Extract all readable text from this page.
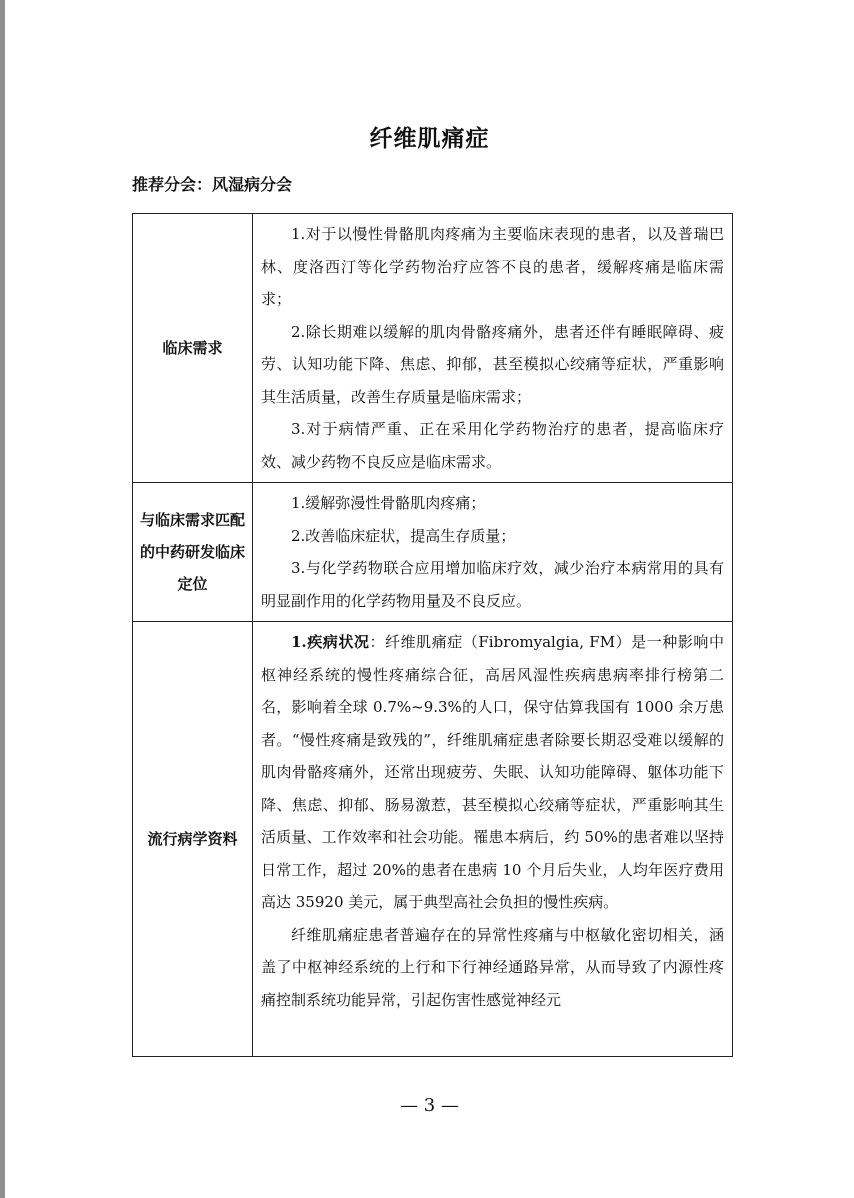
纤维肌痛症
推荐分会：风湿病分会
临床需求	1.对于以慢性骨骼肌肉疼痛为主要临床表现的患者，以及普瑞巴林、度洛西汀等化学药物治疗应答不良的患者，缓解疼痛是临床需求；

2.除长期难以缓解的肌肉骨骼疼痛外，患者还伴有睡眠障碍、疲劳、认知功能下降、焦虑、抑郁，甚至模拟心绞痛等症状，严重影响其生活质量，改善生存质量是临床需求；

3.对于病情严重、正在采用化学药物治疗的患者，提高临床疗效、减少药物不良反应是临床需求。

与临床需求匹配的中药研发临床定位	1.缓解弥漫性骨骼肌肉疼痛；

2.改善临床症状，提高生存质量；

3.与化学药物联合应用增加临床疗效，减少治疗本病常用的具有明显副作用的化学药物用量及不良反应。

流行病学资料	1.疾病状况：纤维肌痛症（Fibromyalgia, FM）是一种影响中枢神经系统的慢性疼痛综合征，高居风湿性疾病患病率排行榜第二名，影响着全球 0.7%~9.3%的人口，保守估算我国有 1000 余万患者。“慢性疼痛是致残的”，纤维肌痛症患者除要长期忍受难以缓解的肌肉骨骼疼痛外，还常出现疲劳、失眠、认知功能障碍、躯体功能下降、焦虑、抑郁、肠易激惹，甚至模拟心绞痛等症状，严重影响其生活质量、工作效率和社会功能。罹患本病后，约 50%的患者难以坚持日常工作，超过 20%的患者在患病 10 个月后失业，人均年医疗费用高达 35920 美元，属于典型高社会负担的慢性疾病。

纤维肌痛症患者普遍存在的异常性疼痛与中枢敏化密切相关，涵盖了中枢神经系统的上行和下行神经通路异常，从而导致了内源性疼痛控制系统功能异常，引起伤害性感觉神经元

— 3 —
